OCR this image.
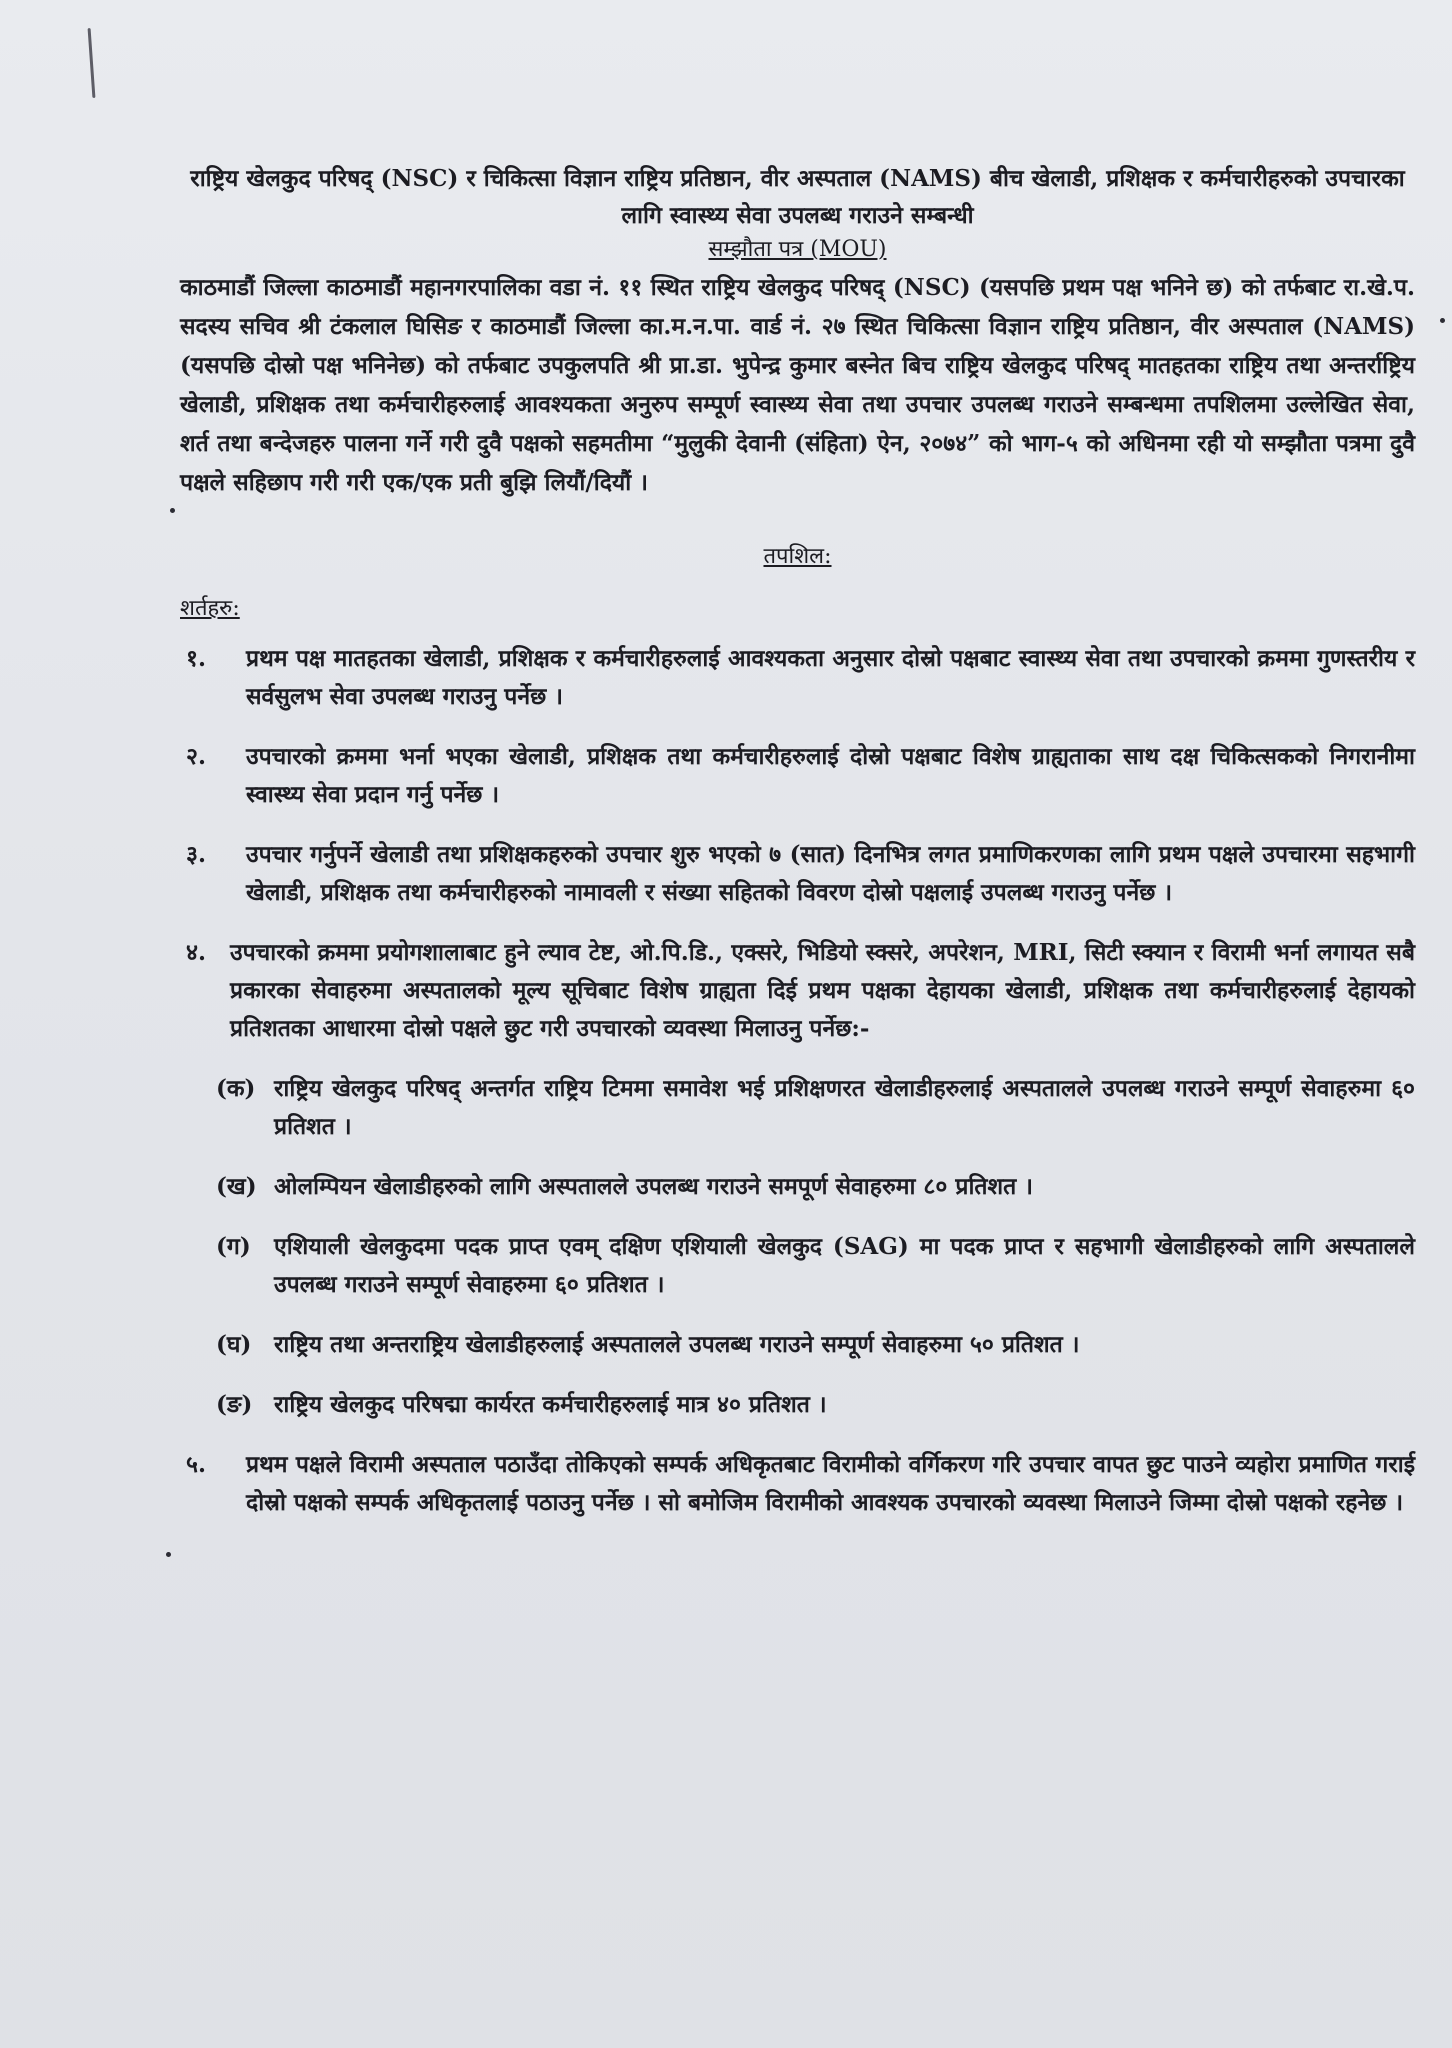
राष्ट्रिय खेलकुद परिषद् (NSC) र चिकित्सा विज्ञान राष्ट्रिय प्रतिष्ठान, वीर अस्पताल (NAMS) बीच खेलाडी, प्रशिक्षक र कर्मचारीहरुको उपचारका लागि स्वास्थ्य सेवा उपलब्ध गराउने सम्बन्धी

सम्झौता पत्र (MOU)

काठमाडौं जिल्ला काठमाडौं महानगरपालिका वडा नं. ११ स्थित राष्ट्रिय खेलकुद परिषद् (NSC) (यसपछि प्रथम पक्ष भनिने छ) को तर्फबाट रा.खे.प. सदस्य सचिव श्री टंकलाल घिसिङ र काठमाडौं जिल्ला का.म.न.पा. वार्ड नं. २७ स्थित चिकित्सा विज्ञान राष्ट्रिय प्रतिष्ठान, वीर अस्पताल (NAMS) (यसपछि दोस्रो पक्ष भनिनेछ) को तर्फबाट उपकुलपति श्री प्रा.डा. भुपेन्द्र कुमार बस्नेत बिच राष्ट्रिय खेलकुद परिषद् मातहतका राष्ट्रिय तथा अन्तर्राष्ट्रिय खेलाडी, प्रशिक्षक तथा कर्मचारीहरुलाई आवश्यकता अनुरुप सम्पूर्ण स्वास्थ्य सेवा तथा उपचार उपलब्ध गराउने सम्बन्धमा तपशिलमा उल्लेखित सेवा, शर्त तथा बन्देजहरु पालना गर्ने गरी दुवै पक्षको सहमतीमा “मुलुकी देवानी (संहिता) ऐन, २०७४” को भाग-५ को अधिनमा रही यो सम्झौता पत्रमा दुवै पक्षले सहिछाप गरी गरी एक/एक प्रती बुझि लियौं/दियौं ।

तपशिल:

शर्तहरु:

१.	प्रथम पक्ष मातहतका खेलाडी, प्रशिक्षक र कर्मचारीहरुलाई आवश्यकता अनुसार दोस्रो पक्षबाट स्वास्थ्य सेवा तथा उपचारको क्रममा गुणस्तरीय र सर्वसुलभ सेवा उपलब्ध गराउनु पर्नेछ ।
२.	उपचारको क्रममा भर्ना भएका खेलाडी, प्रशिक्षक तथा कर्मचारीहरुलाई दोस्रो पक्षबाट विशेष ग्राह्यताका साथ दक्ष चिकित्सकको निगरानीमा स्वास्थ्य सेवा प्रदान गर्नु पर्नेछ ।
३.	उपचार गर्नुपर्ने खेलाडी तथा प्रशिक्षकहरुको उपचार शुरु भएको ७ (सात) दिनभित्र लगत प्रमाणिकरणका लागि प्रथम पक्षले उपचारमा सहभागी खेलाडी, प्रशिक्षक तथा कर्मचारीहरुको नामावली र संख्या सहितको विवरण दोस्रो पक्षलाई उपलब्ध गराउनु पर्नेछ ।
४.	उपचारको क्रममा प्रयोगशालाबाट हुने ल्याव टेष्ट, ओ.पि.डि., एक्सरे, भिडियो स्क्सरे, अपरेशन, MRI, सिटी स्क्यान र विरामी भर्ना लगायत सबै प्रकारका सेवाहरुमा अस्पतालको मूल्य सूचिबाट विशेष ग्राह्यता दिई प्रथम पक्षका देहायका खेलाडी, प्रशिक्षक तथा कर्मचारीहरुलाई देहायको प्रतिशतका आधारमा दोस्रो पक्षले छुट गरी उपचारको व्यवस्था मिलाउनु पर्नेछ:-
(क) राष्ट्रिय खेलकुद परिषद् अन्तर्गत राष्ट्रिय टिममा समावेश भई प्रशिक्षणरत खेलाडीहरुलाई अस्पतालले उपलब्ध गराउने सम्पूर्ण सेवाहरुमा ६० प्रतिशत ।
(ख) ओलम्पियन खेलाडीहरुको लागि अस्पतालले उपलब्ध गराउने समपूर्ण सेवाहरुमा ८० प्रतिशत ।
(ग)	एशियाली खेलकुदमा पदक प्राप्त एवम् दक्षिण एशियाली खेलकुद (SAG) मा पदक प्राप्त र सहभागी खेलाडीहरुको लागि अस्पतालले उपलब्ध गराउने सम्पूर्ण सेवाहरुमा ६० प्रतिशत ।
(घ) राष्ट्रिय तथा अन्तराष्ट्रिय खेलाडीहरुलाई अस्पतालले उपलब्ध गराउने सम्पूर्ण सेवाहरुमा ५० प्रतिशत ।
(ङ) राष्ट्रिय खेलकुद परिषद्मा कार्यरत कर्मचारीहरुलाई मात्र ४० प्रतिशत ।
५.	प्रथम पक्षले विरामी अस्पताल पठाउँदा तोकिएको सम्पर्क अधिकृतबाट विरामीको वर्गिकरण गरि उपचार वापत छुट पाउने व्यहोरा प्रमाणित गराई दोस्रो पक्षको सम्पर्क अधिकृतलाई पठाउनु पर्नेछ । सो बमोजिम विरामीको आवश्यक उपचारको व्यवस्था मिलाउने जिम्मा दोस्रो पक्षको रहनेछ ।
